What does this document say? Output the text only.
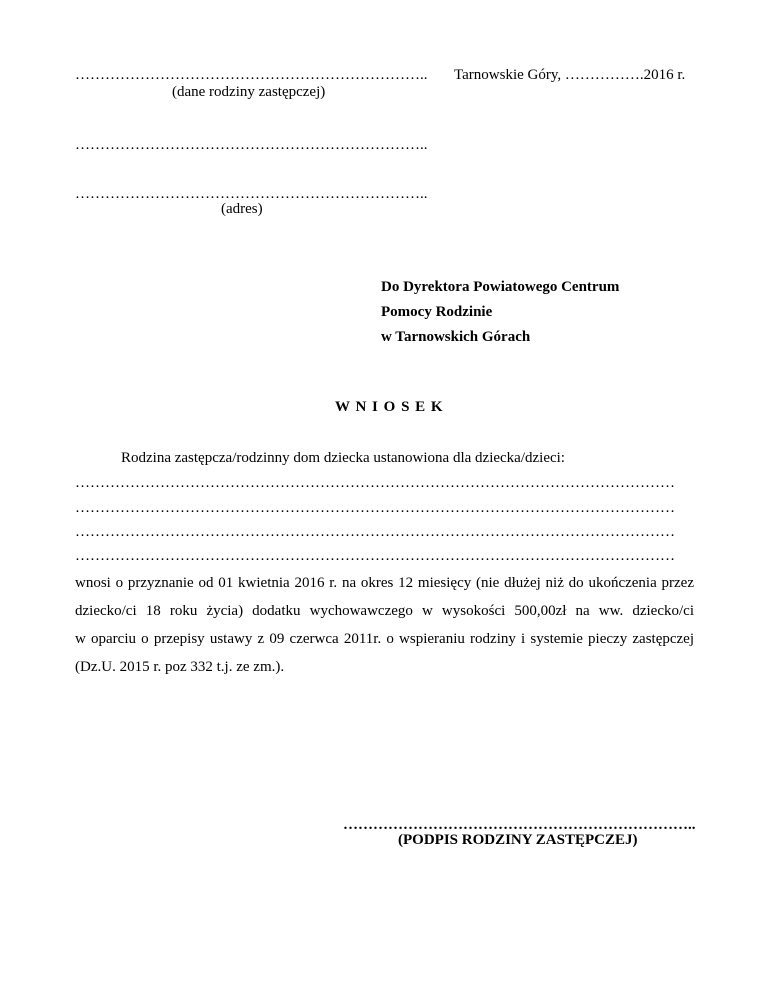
……………………………………………………………..
(dane rodziny zastępczej)
Tarnowskie Góry, …………….2016 r.
……………………………………………………………..
……………………………………………………………..
(adres)
Do Dyrektora Powiatowego Centrum
Pomocy Rodzinie
w Tarnowskich Górach
W N I O S E K
Rodzina zastępcza/rodzinny dom dziecka ustanowiona dla dziecka/dzieci:
…………………………………………………………………………………………………………
…………………………………………………………………………………………………………
…………………………………………………………………………………………………………
…………………………………………………………………………………………………………
wnosi o przyznanie od 01 kwietnia 2016 r. na okres 12 miesięcy (nie dłużej niż do ukończenia przez
dziecko/ci 18 roku życia) dodatku wychowawczego w wysokości 500,00zł na ww. dziecko/ci
w oparciu o przepisy ustawy z 09 czerwca 2011r. o wspieraniu rodziny i systemie pieczy zastępczej
(Dz.U. 2015 r. poz 332 t.j. ze zm.).
……………………………………………………………..
(PODPIS RODZINY ZASTĘPCZEJ)
